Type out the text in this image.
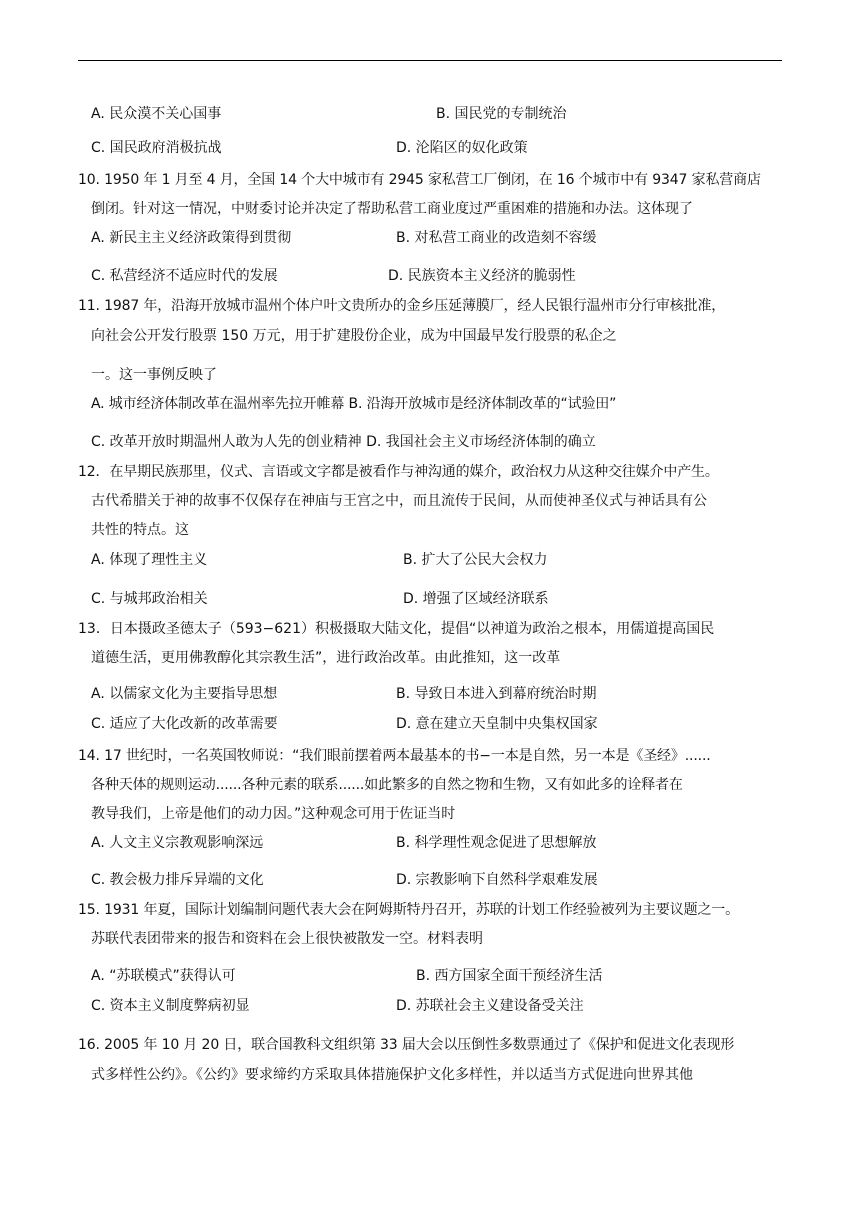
A. 民众漠不关心国事	B. 国民党的专制统治
C. 国民政府消极抗战	D. 沦陷区的奴化政策
10. 1950 年 1 月至 4 月，全国 14 个大中城市有 2945 家私营工厂倒闭，在 16 个城市中有 9347 家私营商店
倒闭。针对这一情况，中财委讨论并决定了帮助私营工商业度过严重困难的措施和办法。这体现了
A. 新民主主义经济政策得到贯彻	B. 对私营工商业的改造刻不容缓
C. 私营经济不适应时代的发展	D. 民族资本主义经济的脆弱性
11. 1987 年，沿海开放城市温州个体户叶文贵所办的金乡压延薄膜厂，经人民银行温州市分行审核批准，
向社会公开发行股票 150 万元，用于扩建股份企业，成为中国最早发行股票的私企之
一。这一事例反映了
A. 城市经济体制改革在温州率先拉开帷幕 B. 沿海开放城市是经济体制改革的“试验田”
C. 改革开放时期温州人敢为人先的创业精神 D. 我国社会主义市场经济体制的确立
12．在早期民族那里，仪式、言语或文字都是被看作与神沟通的媒介，政治权力从这种交往媒介中产生。
古代希腊关于神的故事不仅保存在神庙与王宫之中，而且流传于民间，从而使神圣仪式与神话具有公
共性的特点。这
A. 体现了理性主义	B. 扩大了公民大会权力
C. 与城邦政治相关	D. 增强了区域经济联系
13．日本摄政圣德太子（593−621）积极摄取大陆文化，提倡“以神道为政治之根本，用儒道提高国民
道德生活，更用佛教醇化其宗教生活”，进行政治改革。由此推知，这一改革
A. 以儒家文化为主要指导思想	B. 导致日本进入到幕府统治时期
C. 适应了大化改新的改革需要	D. 意在建立天皇制中央集权国家
14. 17 世纪时，一名英国牧师说：“我们眼前摆着两本最基本的书−一本是自然，另一本是《圣经》......
各种天体的规则运动......各种元素的联系......如此繁多的自然之物和生物，又有如此多的诠释者在
教导我们，上帝是他们的动力因。”这种观念可用于佐证当时
A. 人文主义宗教观影响深远	B. 科学理性观念促进了思想解放
C. 教会极力排斥异端的文化	D. 宗教影响下自然科学艰难发展
15. 1931 年夏，国际计划编制问题代表大会在阿姆斯特丹召开，苏联的计划工作经验被列为主要议题之一。
苏联代表团带来的报告和资料在会上很快被散发一空。材料表明
A. “苏联模式”获得认可	B. 西方国家全面干预经济生活
C. 资本主义制度弊病初显	D. 苏联社会主义建设备受关注
16. 2005 年 10 月 20 日，联合国教科文组织第 33 届大会以压倒性多数票通过了《保护和促进文化表现形
式多样性公约》。《公约》要求缔约方采取具体措施保护文化多样性，并以适当方式促进向世界其他
